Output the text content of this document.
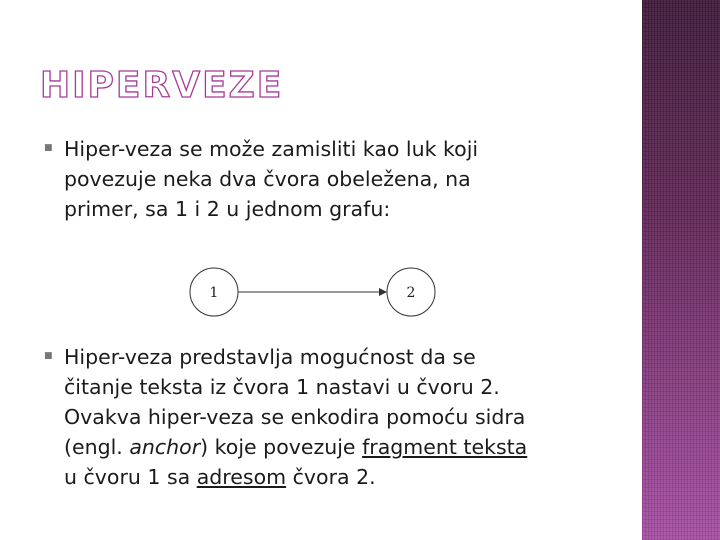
HIPERVEZE
■ Hiper-veza se može zamisliti kao luk koji
povezuje neka dva čvora obeležena, na
primer, sa 1 i 2 u jednom grafu:

1	2
■ Hiper-veza predstavlja mogućnost da se
čitanje teksta iz čvora 1 nastavi u čvoru 2.
Ovakva hiper-veza se enkodira pomoću sidra
(engl. anchor) koje povezuje fragment teksta
u čvoru 1 sa adresom čvora 2.
